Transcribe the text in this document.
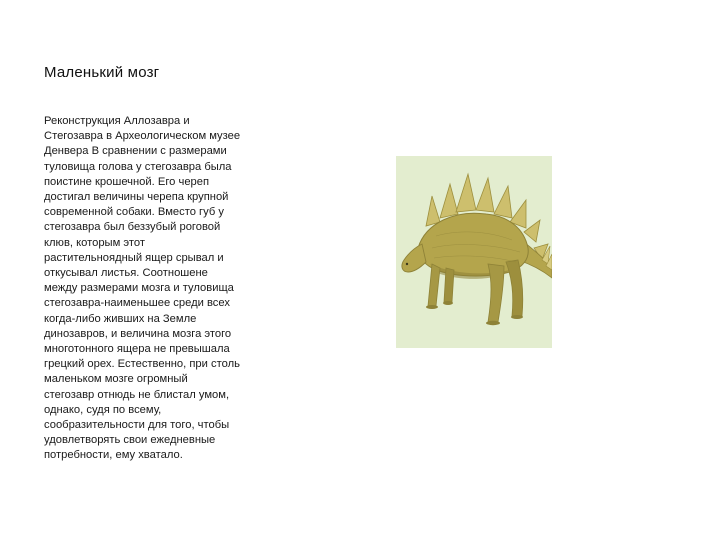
Маленький мозг
Реконструкция Аллозавра и
Стегозавра в Археологическом музее
Денвера В сравнении с размерами
туловища голова у стегозавра была
поистине крошечной. Его череп
достигал величины черепа крупной
современной собаки. Вместо губ у
стегозавра был беззубый роговой
клюв, которым этот
растительноядный ящер срывал и
откусывал листья. Соотношене
между размерами мозга и туловища
стегозавра-наименьшее среди всех
когда-либо живших на Земле
динозавров, и величина мозга этого
многотонного ящера не превышала
грецкий орех. Естественно, при столь
маленьком мозге огромный
стегозавр отнюдь не блистал умом,
однако, судя по всему,
сообразительности для того, чтобы
удовлетворять свои ежедневные
потребности, ему хватало.
